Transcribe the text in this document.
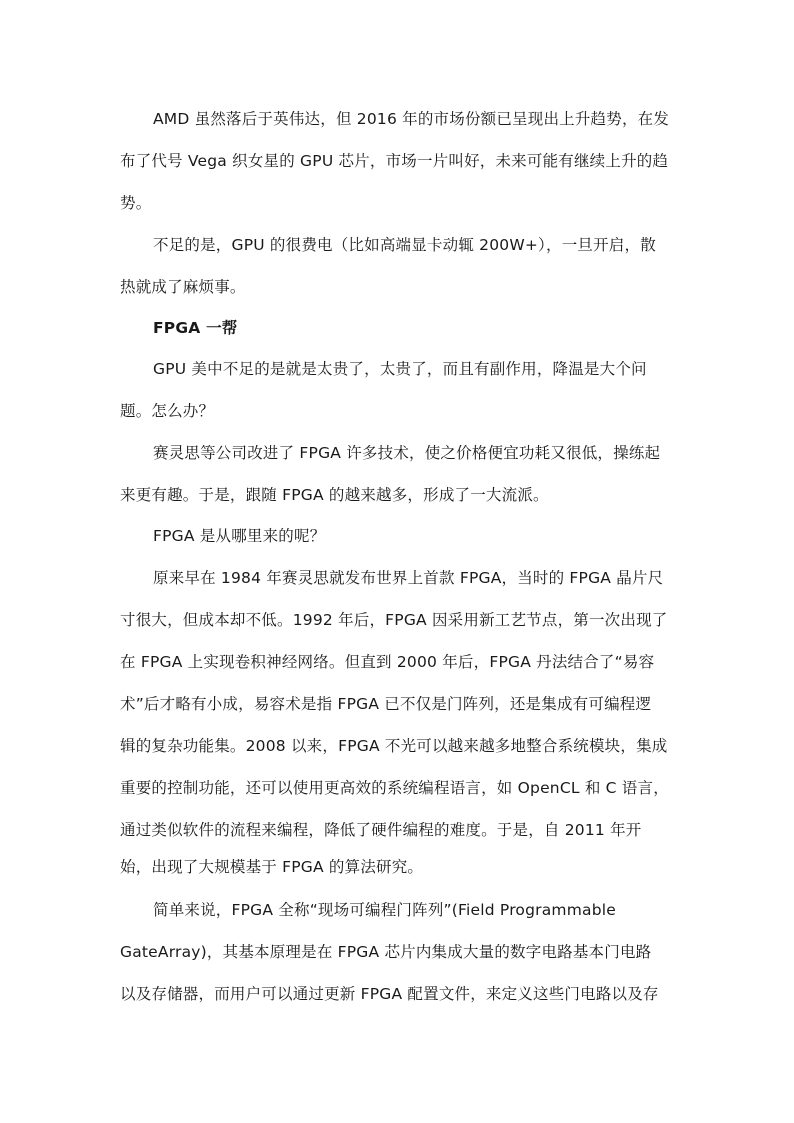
AMD 虽然落后于英伟达，但 2016 年的市场份额已呈现出上升趋势，在发
布了代号 Vega 织女星的 GPU 芯片，市场一片叫好，未来可能有继续上升的趋
势。
不足的是，GPU 的很费电（比如高端显卡动辄 200W+），一旦开启，散
热就成了麻烦事。
FPGA 一帮
GPU 美中不足的是就是太贵了，太贵了，而且有副作用，降温是大个问
题。怎么办？
赛灵思等公司改进了 FPGA 许多技术，使之价格便宜功耗又很低，操练起
来更有趣。于是，跟随 FPGA 的越来越多，形成了一大流派。
FPGA 是从哪里来的呢？
原来早在 1984 年赛灵思就发布世界上首款 FPGA，当时的 FPGA 晶片尺
寸很大，但成本却不低。1992 年后，FPGA 因采用新工艺节点，第一次出现了
在 FPGA 上实现卷积神经网络。但直到 2000 年后，FPGA 丹法结合了“易容
术”后才略有小成，易容术是指 FPGA 已不仅是门阵列，还是集成有可编程逻
辑的复杂功能集。2008 以来，FPGA 不光可以越来越多地整合系统模块，集成
重要的控制功能，还可以使用更高效的系统编程语言，如 OpenCL 和 C 语言，
通过类似软件的流程来编程，降低了硬件编程的难度。于是，自 2011 年开
始，出现了大规模基于 FPGA 的算法研究。
简单来说，FPGA 全称“现场可编程门阵列”(Field Programmable
GateArray)，其基本原理是在 FPGA 芯片内集成大量的数字电路基本门电路
以及存储器，而用户可以通过更新 FPGA 配置文件，来定义这些门电路以及存
